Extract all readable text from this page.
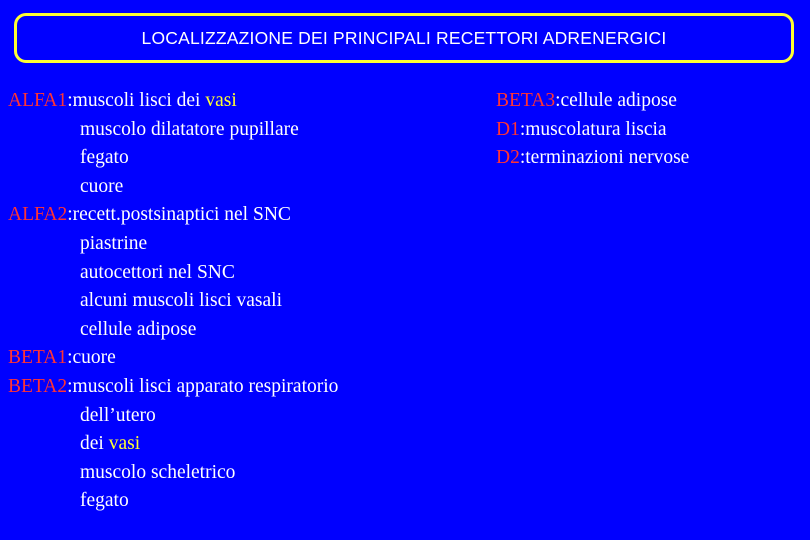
LOCALIZZAZIONE DEI PRINCIPALI RECETTORI ADRENERGICI
ALFA1:muscoli lisci dei vasi
muscolo dilatatore pupillare
fegato
cuore
ALFA2:recett.postsinaptici nel SNC
piastrine
autocettori nel SNC
alcuni muscoli lisci vasali
cellule adipose
BETA1:cuore
BETA2:muscoli lisci apparato respiratorio
dell’utero
dei vasi
muscolo scheletrico
fegato
BETA3:cellule adipose
D1:muscolatura liscia
D2:terminazioni nervose
